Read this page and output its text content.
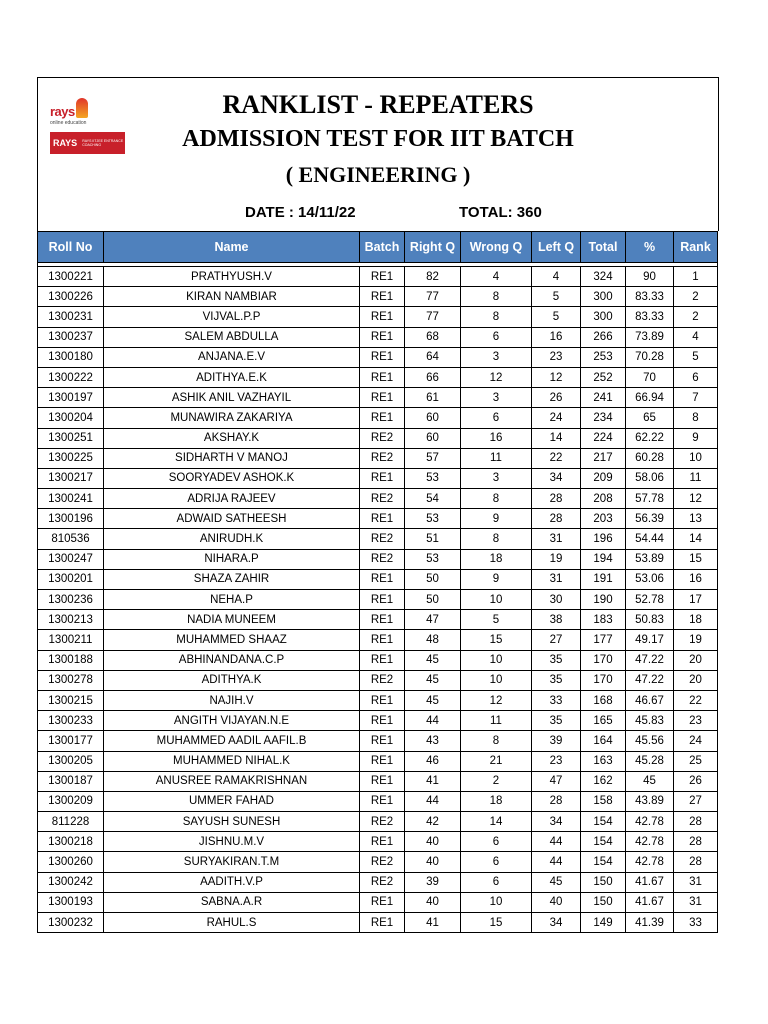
rays
online education
RAYS RAYS IITJEE ENTRANCE COACHING
RANKLIST - REPEATERS
ADMISSION TEST FOR IIT BATCH
( ENGINEERING )
DATE : 14/11/22	TOTAL: 360
Roll No	Name	Batch	Right Q	Wrong Q	Left Q	Total	%	Rank

1300221	PRATHYUSH.V	RE1	82	4	4	324	90	1
1300226	KIRAN NAMBIAR	RE1	77	8	5	300	83.33	2
1300231	VIJVAL.P.P	RE1	77	8	5	300	83.33	2
1300237	SALEM ABDULLA	RE1	68	6	16	266	73.89	4
1300180	ANJANA.E.V	RE1	64	3	23	253	70.28	5
1300222	ADITHYA.E.K	RE1	66	12	12	252	70	6
1300197	ASHIK ANIL VAZHAYIL	RE1	61	3	26	241	66.94	7
1300204	MUNAWIRA ZAKARIYA	RE1	60	6	24	234	65	8
1300251	AKSHAY.K	RE2	60	16	14	224	62.22	9
1300225	SIDHARTH V MANOJ	RE2	57	11	22	217	60.28	10
1300217	SOORYADEV ASHOK.K	RE1	53	3	34	209	58.06	11
1300241	ADRIJA RAJEEV	RE2	54	8	28	208	57.78	12
1300196	ADWAID SATHEESH	RE1	53	9	28	203	56.39	13
810536	ANIRUDH.K	RE2	51	8	31	196	54.44	14
1300247	NIHARA.P	RE2	53	18	19	194	53.89	15
1300201	SHAZA ZAHIR	RE1	50	9	31	191	53.06	16
1300236	NEHA.P	RE1	50	10	30	190	52.78	17
1300213	NADIA MUNEEM	RE1	47	5	38	183	50.83	18
1300211	MUHAMMED SHAAZ	RE1	48	15	27	177	49.17	19
1300188	ABHINANDANA.C.P	RE1	45	10	35	170	47.22	20
1300278	ADITHYA.K	RE2	45	10	35	170	47.22	20
1300215	NAJIH.V	RE1	45	12	33	168	46.67	22
1300233	ANGITH VIJAYAN.N.E	RE1	44	11	35	165	45.83	23
1300177	MUHAMMED AADIL AAFIL.B	RE1	43	8	39	164	45.56	24
1300205	MUHAMMED NIHAL.K	RE1	46	21	23	163	45.28	25
1300187	ANUSREE RAMAKRISHNAN	RE1	41	2	47	162	45	26
1300209	UMMER FAHAD	RE1	44	18	28	158	43.89	27
811228	SAYUSH SUNESH	RE2	42	14	34	154	42.78	28
1300218	JISHNU.M.V	RE1	40	6	44	154	42.78	28
1300260	SURYAKIRAN.T.M	RE2	40	6	44	154	42.78	28
1300242	AADITH.V.P	RE2	39	6	45	150	41.67	31
1300193	SABNA.A.R	RE1	40	10	40	150	41.67	31
1300232	RAHUL.S	RE1	41	15	34	149	41.39	33
